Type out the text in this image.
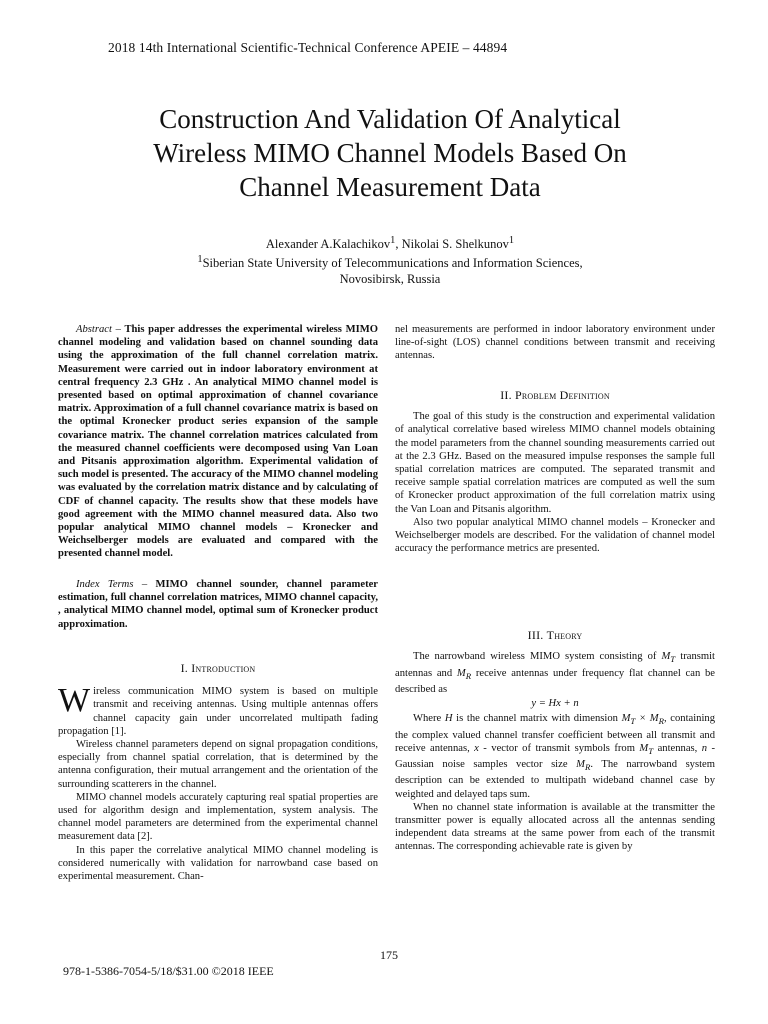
2018 14th International Scientific-Technical Conference APEIE – 44894
Construction And Validation Of Analytical
Wireless MIMO Channel Models Based On
Channel Measurement Data
Alexander A.Kalachikov$^1$, Nikolai S. Shelkunov$^1$
$^1$Siberian State University of Telecommunications and Information Sciences,
Novosibirsk, Russia

Abstract – This paper addresses the experimental wireless MIMO channel modeling and validation based on channel sounding data using the approximation of the full channel correlation matrix. Measurement were carried out in indoor laboratory environment at central frequency 2.3 GHz . An analytical MIMO channel model is presented based on optimal approximation of channel covariance matrix. Approximation of a full channel covariance matrix is based on the optimal Kronecker product series expansion of the sample covariance matrix. The channel correlation matrices calculated from the measured channel coefficients were decomposed using Van Loan and Pitsanis approximation algorithm. Experimental validation of such model is presented. The accuracy of the MIMO channel modeling was evaluated by the correlation matrix distance and by calculating of CDF of channel capacity. The results show that these models have good agreement with the MIMO channel measured data. Also two popular analytical MIMO channel models – Kronecker and Weichselberger models are evaluated and compared with the presented channel model.

Index Terms – MIMO channel sounder, channel parameter estimation, full channel correlation matrices, MIMO channel capacity, , analytical MIMO channel model, optimal sum of Kronecker product approximation.

I. Introduction

Wireless communication MIMO system is based on multiple transmit and receiving antennas. Using multiple antennas offers channel capacity gain under uncorrelated multipath fading propagation [1].

Wireless channel parameters depend on signal propagation conditions, especially from channel spatial correlation, that is determined by the antenna configuration, their mutual arrangement and the orientation of the surrounding scatterers in the channel.

MIMO channel models accurately capturing real spatial properties are used for algorithm design and implementation, system analysis. The channel model parameters are determined from the experimental channel measurement data [2].

In this paper the correlative analytical MIMO channel modeling is considered numerically with validation for narrowband case based on experimental measurement. Chan-

nel measurements are performed in indoor laboratory environment under line-of-sight (LOS) channel conditions between transmit and receiving antennas.

II. Problem Definition

The goal of this study is the construction and experimental validation of analytical correlative based wireless MIMO channel models obtaining the model parameters from the channel sounding measurements carried out at the 2.3 GHz. Based on the measured impulse responses the sample full spatial correlation matrices are computed. The separated transmit and receive sample spatial correlation matrices are computed as well the sum of Kronecker product approximation of the full correlation matrix using the Van Loan and Pitsanis algorithm.

Also two popular analytical MIMO channel models – Kronecker and Weichselberger models are described. For the validation of channel model accuracy the performance metrics are presented.

III. Theory

The narrowband wireless MIMO system consisting of $M_T$ transmit antennas and $M_R$ receive antennas under frequency flat channel can be described as

y = Hx + n

Where H is the channel matrix with dimension $M_T \times M_R$, containing the complex valued channel transfer coefficient between all transmit and receive antennas, x - vector of transmit symbols from $M_T$ antennas, n - Gaussian noise samples vector size $M_R$. The narrowband system description can be extended to multipath wideband channel case by weighted and delayed taps sum.

When no channel state information is available at the transmitter the transmitter power is equally allocated across all the antennas sending independent data streams at the same power from each of the transmit antennas. The corresponding achievable rate is given by

175
978-1-5386-7054-5/18/$31.00 ©2018 IEEE
